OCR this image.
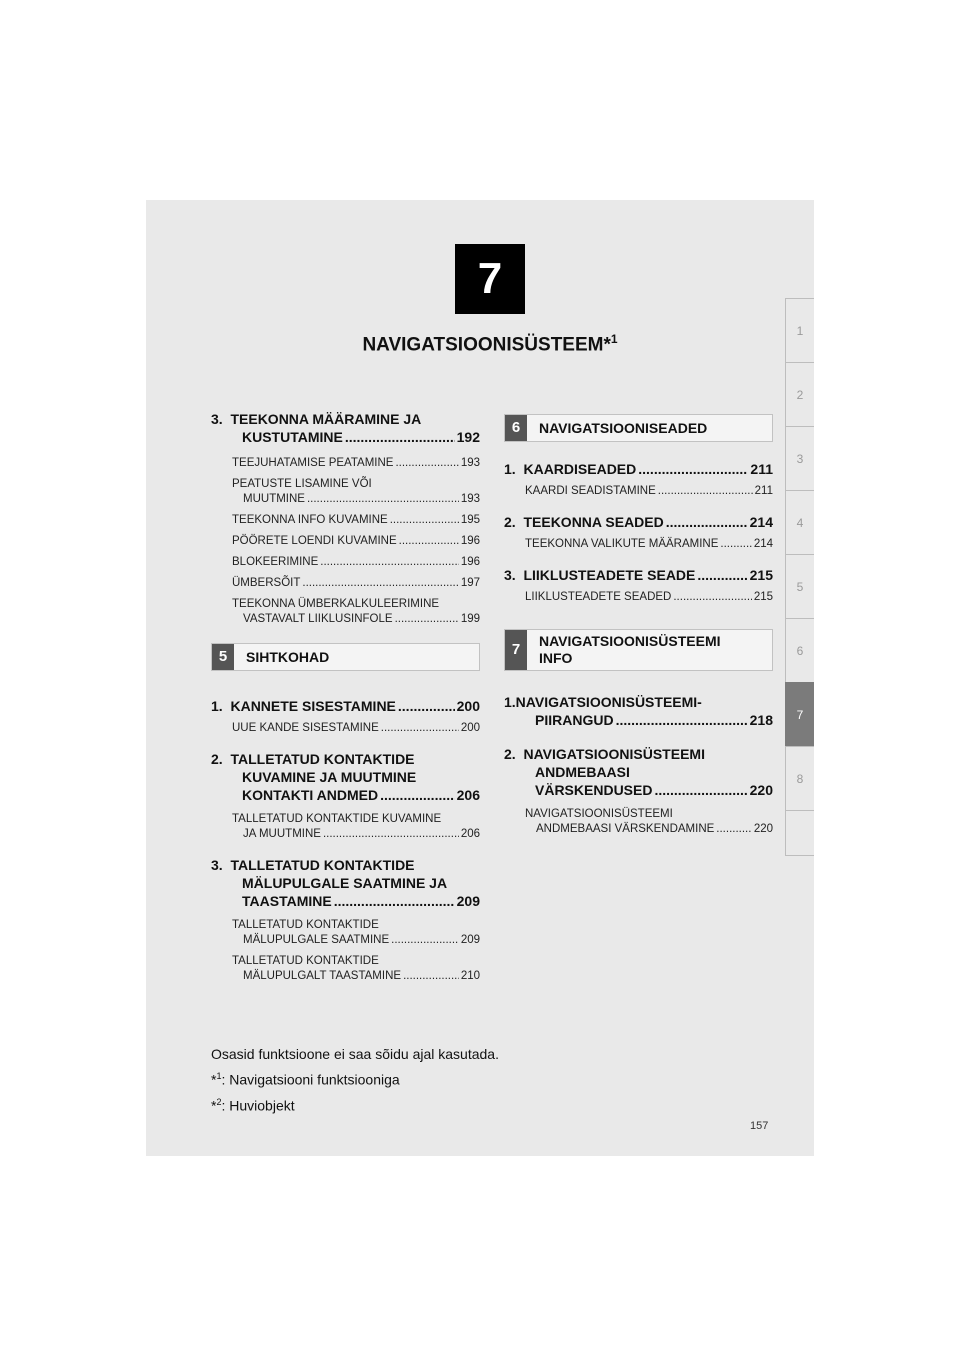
7
NAVIGATSIOONISÜSTEEM*$^1$
1
2
3
4
5
6
7
8
3. TEEKONNA MÄÄRAMINE JA
KUSTUTAMINE .....	192
TEEJUHATAMISE PEATAMINE .....	193
PEATUSTE LISAMINE VÕI
MUUTMINE .....	193
TEEKONNA INFO KUVAMINE .....	195
PÖÖRETE LOENDI KUVAMINE .....	196
BLOKEERIMINE .....	196
ÜMBERSÕIT .....	197
TEEKONNA ÜMBERKALKULEERIMINE
VASTAVALT LIIKLUSINFOLE .....	199
5	SIHTKOHAD
1. KANNETE SISESTAMINE .....	200
UUE KANDE SISESTAMINE .....	200
2. TALLETATUD KONTAKTIDE
KUVAMINE JA MUUTMINE
KONTAKTI ANDMED .....	206
TALLETATUD KONTAKTIDE KUVAMINE
JA MUUTMINE .....	206
3. TALLETATUD KONTAKTIDE
MÄLUPULGALE SAATMINE JA
TAASTAMINE .....	209
TALLETATUD KONTAKTIDE
MÄLUPULGALE SAATMINE .....	209
TALLETATUD KONTAKTIDE
MÄLUPULGALT TAASTAMINE .....	210
6	NAVIGATSIOONISEADED
1. KAARDISEADED .....	211
KAARDI SEADISTAMINE .....	211
2. TEEKONNA SEADED .....	214
TEEKONNA VALIKUTE MÄÄRAMINE .....	214
3. LIIKLUSTEADETE SEADE .....	215
LIIKLUSTEADETE SEADED .....	215
7	NAVIGATSIOONISÜSTEEMI
INFO
1.NAVIGATSIOONISÜSTEEMI-
PIIRANGUD .....	218
2. NAVIGATSIOONISÜSTEEMI
ANDMEBAASI
VÄRSKENDUSED .....	220
NAVIGATSIOONISÜSTEEMI
ANDMEBAASI VÄRSKENDAMINE .....	220
Osasid funktsioone ei saa sõidu ajal kasutada.
*$^1$: Navigatsiooni funktsiooniga
*$^2$: Huviobjekt
157
